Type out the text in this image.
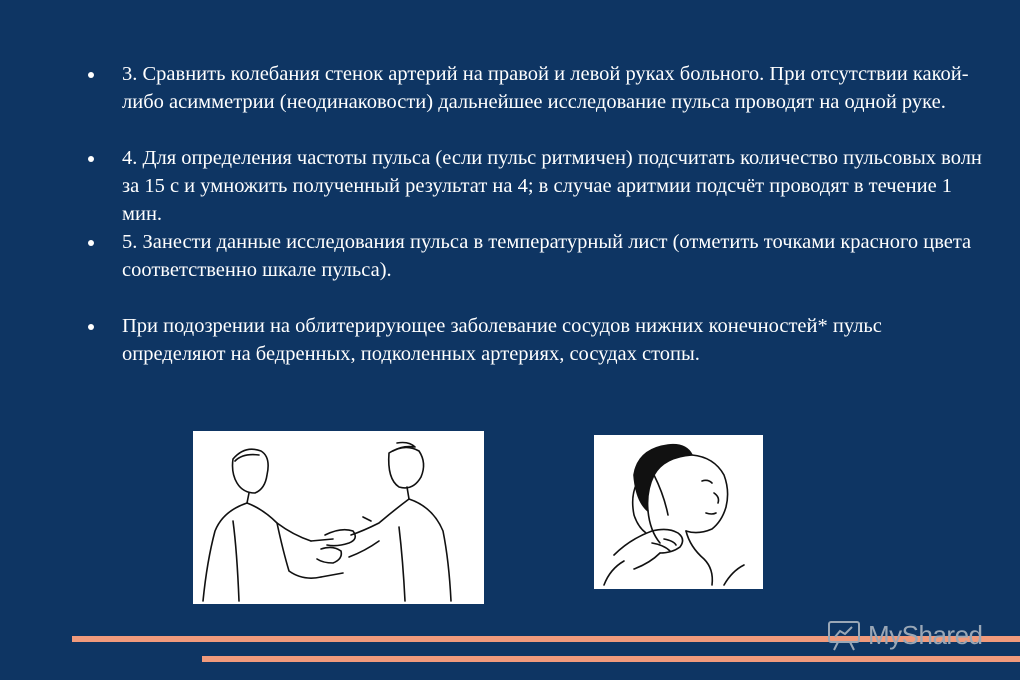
3. Сравнить колебания стенок артерий на правой и левой руках больного. При отсутствии какой-либо асимметрии (неодинаковости) дальнейшее исследование пульса проводят на одной руке.
4. Для определения частоты пульса (если пульс ритмичен) подсчитать количество пульсовых волн за 15 с и умножить полученный результат на 4; в случае аритмии подсчёт проводят в течение 1 мин.
5. Занести данные исследования пульса в температурный лист (отметить точками красного цвета соответственно шкале пульса).
При подозрении на облитерирующее заболевание сосудов нижних конечностей* пульс определяют на бедренных, подколенных артериях, сосудах стопы.
MyShared
